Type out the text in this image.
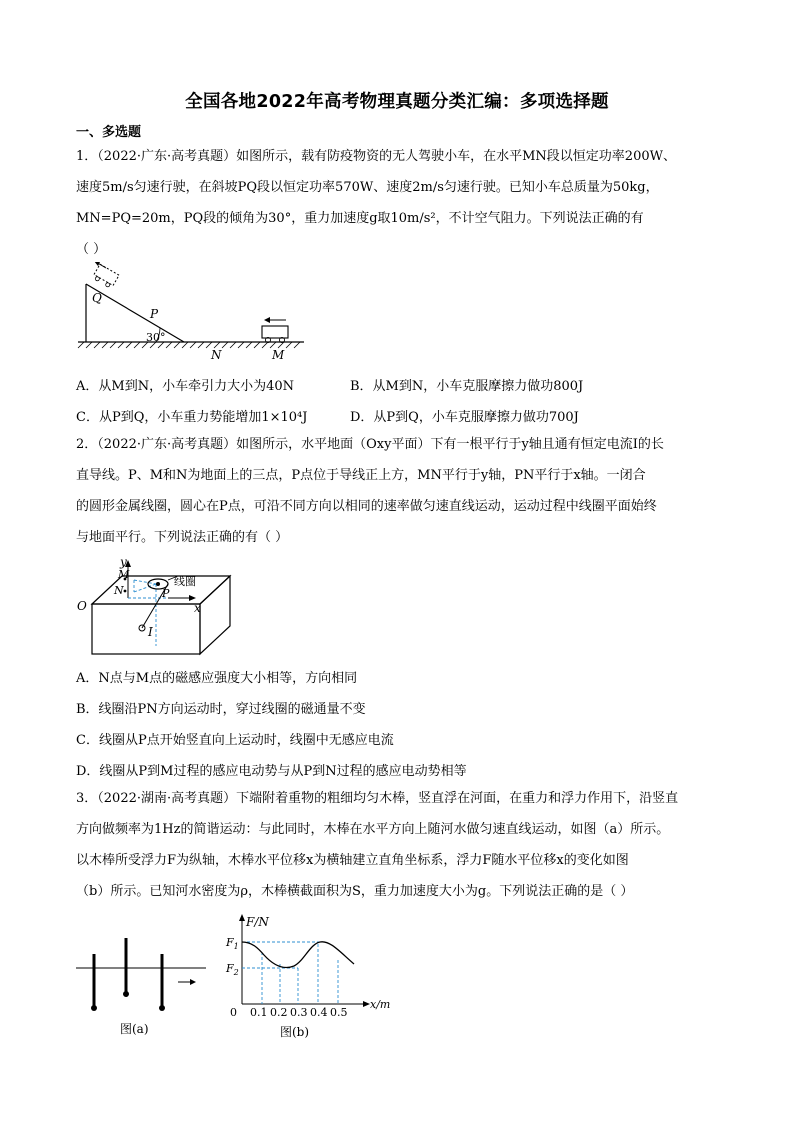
全国各地2022年高考物理真题分类汇编：多项选择题
一、多选题
1．（2022·广东·高考真题）如图所示，载有防疫物资的无人驾驶小车，在水平MN段以恒定功率200W、
速度5m/s匀速行驶，在斜坡PQ段以恒定功率570W、速度2m/s匀速行驶。已知小车总质量为50kg，
MN=PQ=20m，PQ段的倾角为30°，重力加速度g取10m/s²，不计空气阻力。下列说法正确的有
（ ）
Q
P
30°
N	M
A．从M到N，小车牵引力大小为40N	B．从M到N，小车克服摩擦力做功800J
C．从P到Q，小车重力势能增加1×10⁴J	D．从P到Q，小车克服摩擦力做功700J
2．（2022·广东·高考真题）如图所示，水平地面（Oxy平面）下有一根平行于y轴且通有恒定电流I的长
直导线。P、M和N为地面上的三点，P点位于导线正上方，MN平行于y轴，PN平行于x轴。一闭合
的圆形金属线圈，圆心在P点，可沿不同方向以相同的速率做匀速直线运动，运动过程中线圈平面始终
与地面平行。下列说法正确的有（ ）
y
M
N
线圈
P
O	x
I
A．N点与M点的磁感应强度大小相等，方向相同
B．线圈沿PN方向运动时，穿过线圈的磁通量不变
C．线圈从P点开始竖直向上运动时，线圈中无感应电流
D．线圈从P到M过程的感应电动势与从P到N过程的感应电动势相等
3．（2022·湖南·高考真题）下端附着重物的粗细均匀木棒，竖直浮在河面，在重力和浮力作用下，沿竖直
方向做频率为1Hz的简谐运动：与此同时，木棒在水平方向上随河水做匀速直线运动，如图（a）所示。
以木棒所受浮力F为纵轴，木棒水平位移x为横轴建立直角坐标系，浮力F随水平位移x的变化如图
（b）所示。已知河水密度为ρ，木棒横截面积为S，重力加速度大小为g。下列说法正确的是（ ）
图(a)
F/N
$F_1$
$F_2$
0 0.1 0.2 0.3 0.4 0.5
x/m
图(b)
